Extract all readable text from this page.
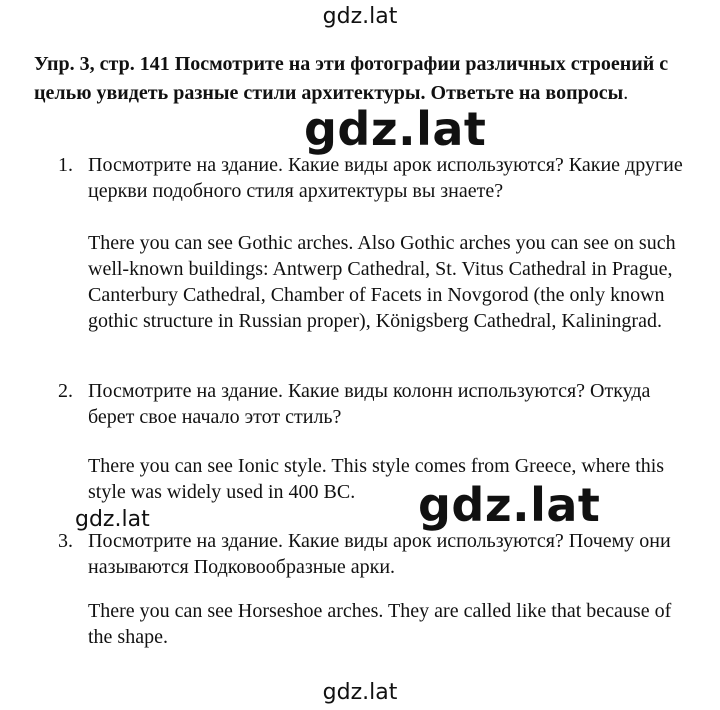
gdz.lat
Упр. 3, стр. 141 Посмотрите на эти фотографии различных строений с целью увидеть разные стили архитектуры. Ответьте на вопросы.
1. Посмотрите на здание. Какие виды арок используются? Какие другие церкви подобного стиля архитектуры вы знаете?
There you can see Gothic arches. Also Gothic arches you can see on such well-known buildings: Antwerp Cathedral, St. Vitus Cathedral in Prague, Canterbury Cathedral, Chamber of Facets in Novgorod (the only known gothic structure in Russian proper), Königsberg Cathedral, Kaliningrad.
2. Посмотрите на здание. Какие виды колонн используются? Откуда берет свое начало этот стиль?
There you can see Ionic style. This style comes from Greece, where this style was widely used in 400 BC.
3. Посмотрите на здание. Какие виды арок используются? Почему они называются Подковообразные арки.
There you can see Horseshoe arches. They are called like that because of the shape.
gdz.lat
gdz.lat	gdz.lat
gdz.lat
